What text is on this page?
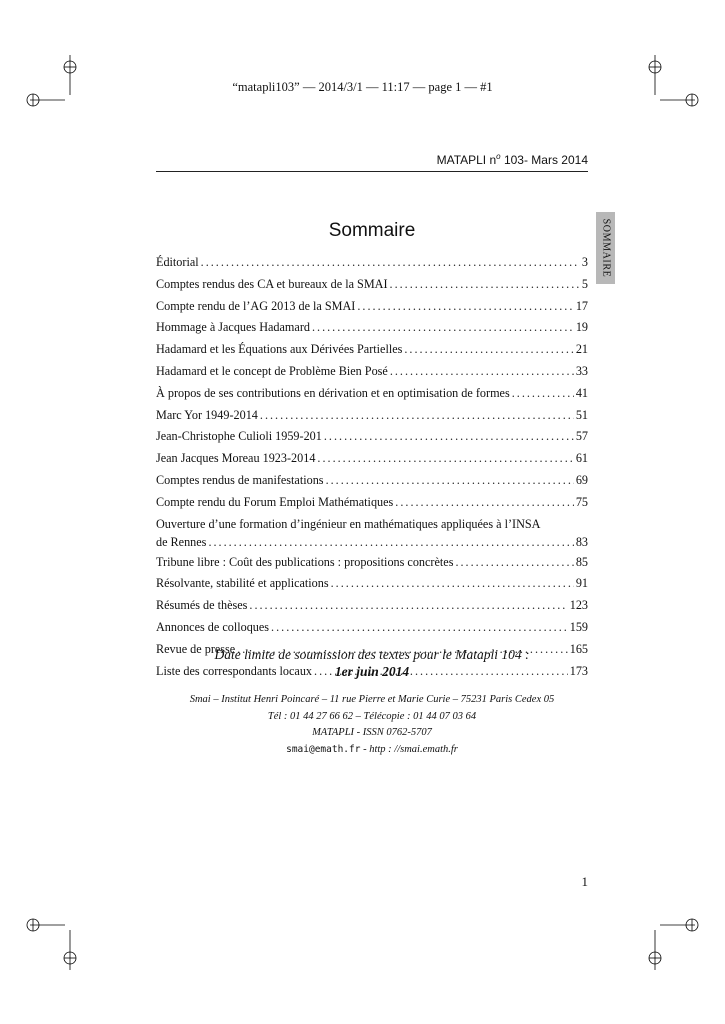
“matapli103” — 2014/3/1 — 11:17 — page 1 — #1
MATAPLI $n^o$ 103- Mars 2014
SOMMAIRE
Sommaire
Éditorial .....	3
Comptes rendus des CA et bureaux de la SMAI .....	5
Compte rendu de l’AG 2013 de la SMAI .....	17
Hommage à Jacques Hadamard .....	19
Hadamard et les Équations aux Dérivées Partielles .....	21
Hadamard et le concept de Problème Bien Posé .....	33
À propos de ses contributions en dérivation et en optimisation de formes .....	41
Marc Yor 1949-2014 .....	51
Jean-Christophe Culioli 1959-201 .....	57
Jean Jacques Moreau 1923-2014 .....	61
Comptes rendus de manifestations .....	69
Compte rendu du Forum Emploi Mathématiques .....	75
Ouverture d’une formation d’ingénieur en mathématiques appliquées à l’INSA
de Rennes .....	83
Tribune libre : Coût des publications : propositions concrètes .....	85
Résolvante, stabilité et applications .....	91
Résumés de thèses .....	123
Annonces de colloques .....	159
Revue de presse .....	165
Liste des correspondants locaux .....	173
Date limite de soumission des textes pour le Matapli 104 :
1er juin 2014
Smai – Institut Henri Poincaré – 11 rue Pierre et Marie Curie – 75231 Paris Cedex 05
Tél : 01 44 27 66 62 – Télécopie : 01 44 07 03 64
MATAPLI - ISSN 0762-5707
smai@emath.fr - http : //smai.emath.fr
1
